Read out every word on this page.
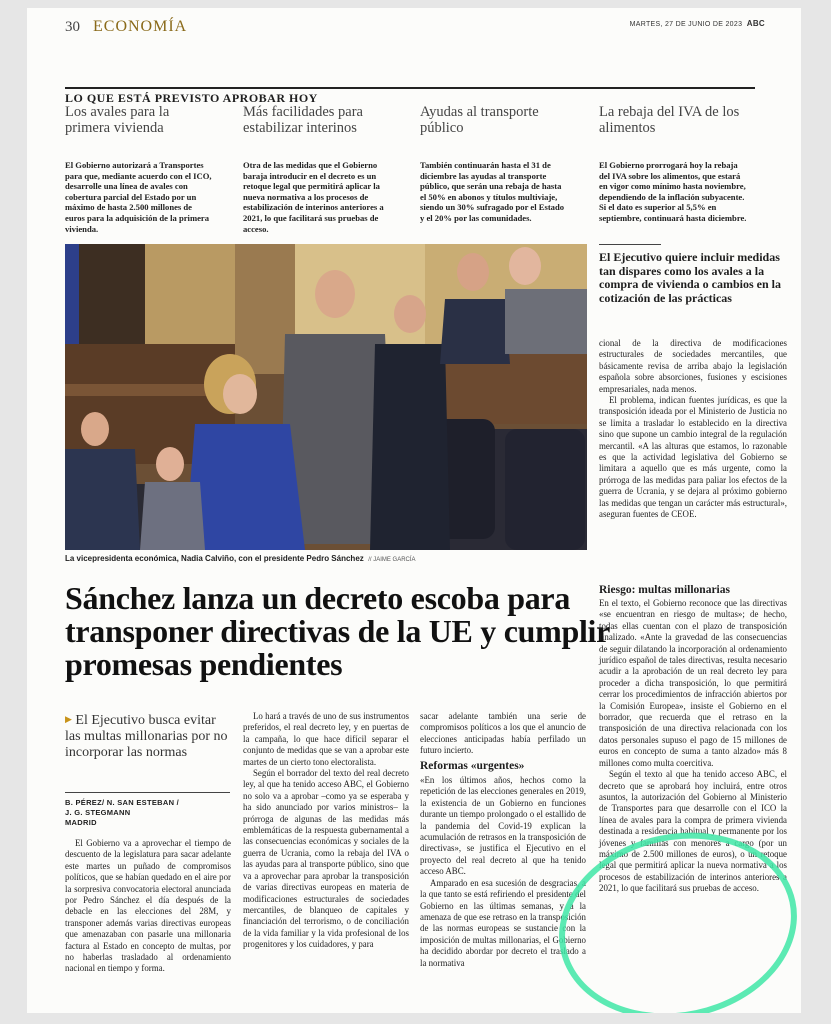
30 ECONOMÍA	MARTES, 27 DE JUNIO DE 2023 ABC
LO QUE ESTÁ PREVISTO APROBAR HOY
Los avales para la primera vivienda

El Gobierno autorizará a Transportes para que, mediante acuerdo con el ICO, desarrolle una línea de avales con cobertura parcial del Estado por un máximo de hasta 2.500 millones de euros para la adquisición de la primera vivienda.

Más facilidades para estabilizar interinos

Otra de las medidas que el Gobierno baraja introducir en el decreto es un retoque legal que permitirá aplicar la nueva normativa a los procesos de estabilización de interinos anteriores a 2021, lo que facilitará sus pruebas de acceso.

Ayudas al transporte público

También continuarán hasta el 31 de diciembre las ayudas al transporte público, que serán una rebaja de hasta el 50% en abonos y títulos multiviaje, siendo un 30% sufragado por el Estado y el 20% por las comunidades.

La rebaja del IVA de los alimentos

El Gobierno prorrogará hoy la rebaja del IVA sobre los alimentos, que estará en vigor como mínimo hasta noviembre, dependiendo de la inflación subyacente. Si el dato es superior al 5,5% en septiembre, continuará hasta diciembre.

La vicepresidenta económica, Nadia Calviño, con el presidente Pedro Sánchez // JAIME GARCÍA
Sánchez lanza un decreto escoba para transponer directivas de la UE y cumplir promesas pendientes
▶ El Ejecutivo busca evitar las multas millonarias por no incorporar las normas
B. PÉREZ/ N. SAN ESTEBAN /
J. G. STEGMANN
MADRID

El Gobierno va a aprovechar el tiempo de descuento de la legislatura para sacar adelante este martes un puñado de compromisos políticos, que se habían quedado en el aire por la sorpresiva convocatoria electoral anunciada por Pedro Sánchez el día después de la debacle en las elecciones del 28M, y transponer además varias directivas europeas que amenazaban con pasarle una millonaria factura al Estado en concepto de multas, por no haberlas trasladado al ordenamiento nacional en tiempo y forma.

Lo hará a través de uno de sus instrumentos preferidos, el real decreto ley, y en puertas de la campaña, lo que hace difícil separar el conjunto de medidas que se van a aprobar este martes de un cierto tono electoralista.

Según el borrador del texto del real decreto ley, al que ha tenido acceso ABC, el Gobierno no solo va a aprobar –como ya se esperaba y ha sido anunciado por varios ministros– la prórroga de algunas de las medidas más emblemáticas de la respuesta gubernamental a las consecuencias económicas y sociales de la guerra de Ucrania, como la rebaja del IVA o las ayudas para al transporte público, sino que va a aprovechar para aprobar la transposición de varias directivas europeas en materia de modificaciones estructurales de sociedades mercantiles, de blanqueo de capitales y financiación del terrorismo, o de conciliación de la vida familiar y la vida profesional de los progenitores y los cuidadores, y para

sacar adelante también una serie de compromisos políticos a los que el anuncio de elecciones anticipadas había perfilado un futuro incierto.

Reformas «urgentes»

«En los últimos años, hechos como la repetición de las elecciones generales en 2019, la existencia de un Gobierno en funciones durante un tiempo prolongado o el estallido de la pandemia del Covid-19 explican la acumulación de retrasos en la transposición de directivas», se justifica el Ejecutivo en el proyecto del real decreto al que ha tenido acceso ABC.

Amparado en esa sucesión de desgracias, a la que tanto se está refiriendo el presidente del Gobierno en las últimas semanas, y a la amenaza de que ese retraso en la transposición de las normas europeas se sustancie con la imposición de multas millonarias, el Gobierno ha decidido abordar por decreto el traslado a la normativa

El Ejecutivo quiere incluir medidas tan dispares como los avales a la compra de vivienda o cambios en la cotización de las prácticas

cional de la directiva de modificaciones estructurales de sociedades mercantiles, que básicamente revisa de arriba abajo la legislación española sobre absorciones, fusiones y escisiones empresariales, nada menos.

El problema, indican fuentes jurídicas, es que la transposición ideada por el Ministerio de Justicia no se limita a trasladar lo establecido en la directiva sino que supone un cambio integral de la regulación mercantil. «A las alturas que estamos, lo razonable es que la actividad legislativa del Gobierno se limitara a aquello que es más urgente, como la prórroga de las medidas para paliar los efectos de la guerra de Ucrania, y se dejara al próximo gobierno las medidas que tengan un carácter más estructural», aseguran fuentes de CEOE.

Riesgo: multas millonarias

En el texto, el Gobierno reconoce que las directivas «se encuentran en riesgo de multas»; de hecho, todas ellas cuentan con el plazo de transposición finalizado. «Ante la gravedad de las consecuencias de seguir dilatando la incorporación al ordenamiento jurídico español de tales directivas, resulta necesario acudir a la aprobación de un real decreto ley para proceder a dicha transposición, lo que permitirá cerrar los procedimientos de infracción abiertos por la Comisión Europea», insiste el Gobierno en el borrador, que recuerda que el retraso en la transposición de una directiva relacionada con los datos personales supuso el pago de 15 millones de euros en concepto de suma a tanto alzado» más 8 millones como multa coercitiva.

Según el texto al que ha tenido acceso ABC, el decreto que se aprobará hoy incluirá, entre otros asuntos, la autorización del Gobierno al Ministerio de Transportes para que desarrolle con el ICO la línea de avales para la compra de primera vivienda destinada a residencia habitual y permanente por los jóvenes y familias con menores a cargo (por un máximo de 2.500 millones de euros), o un retoque legal que permitirá aplicar la nueva normativa a los procesos de estabilización de interinos anteriores a 2021, lo que facilitará sus pruebas de acceso.
